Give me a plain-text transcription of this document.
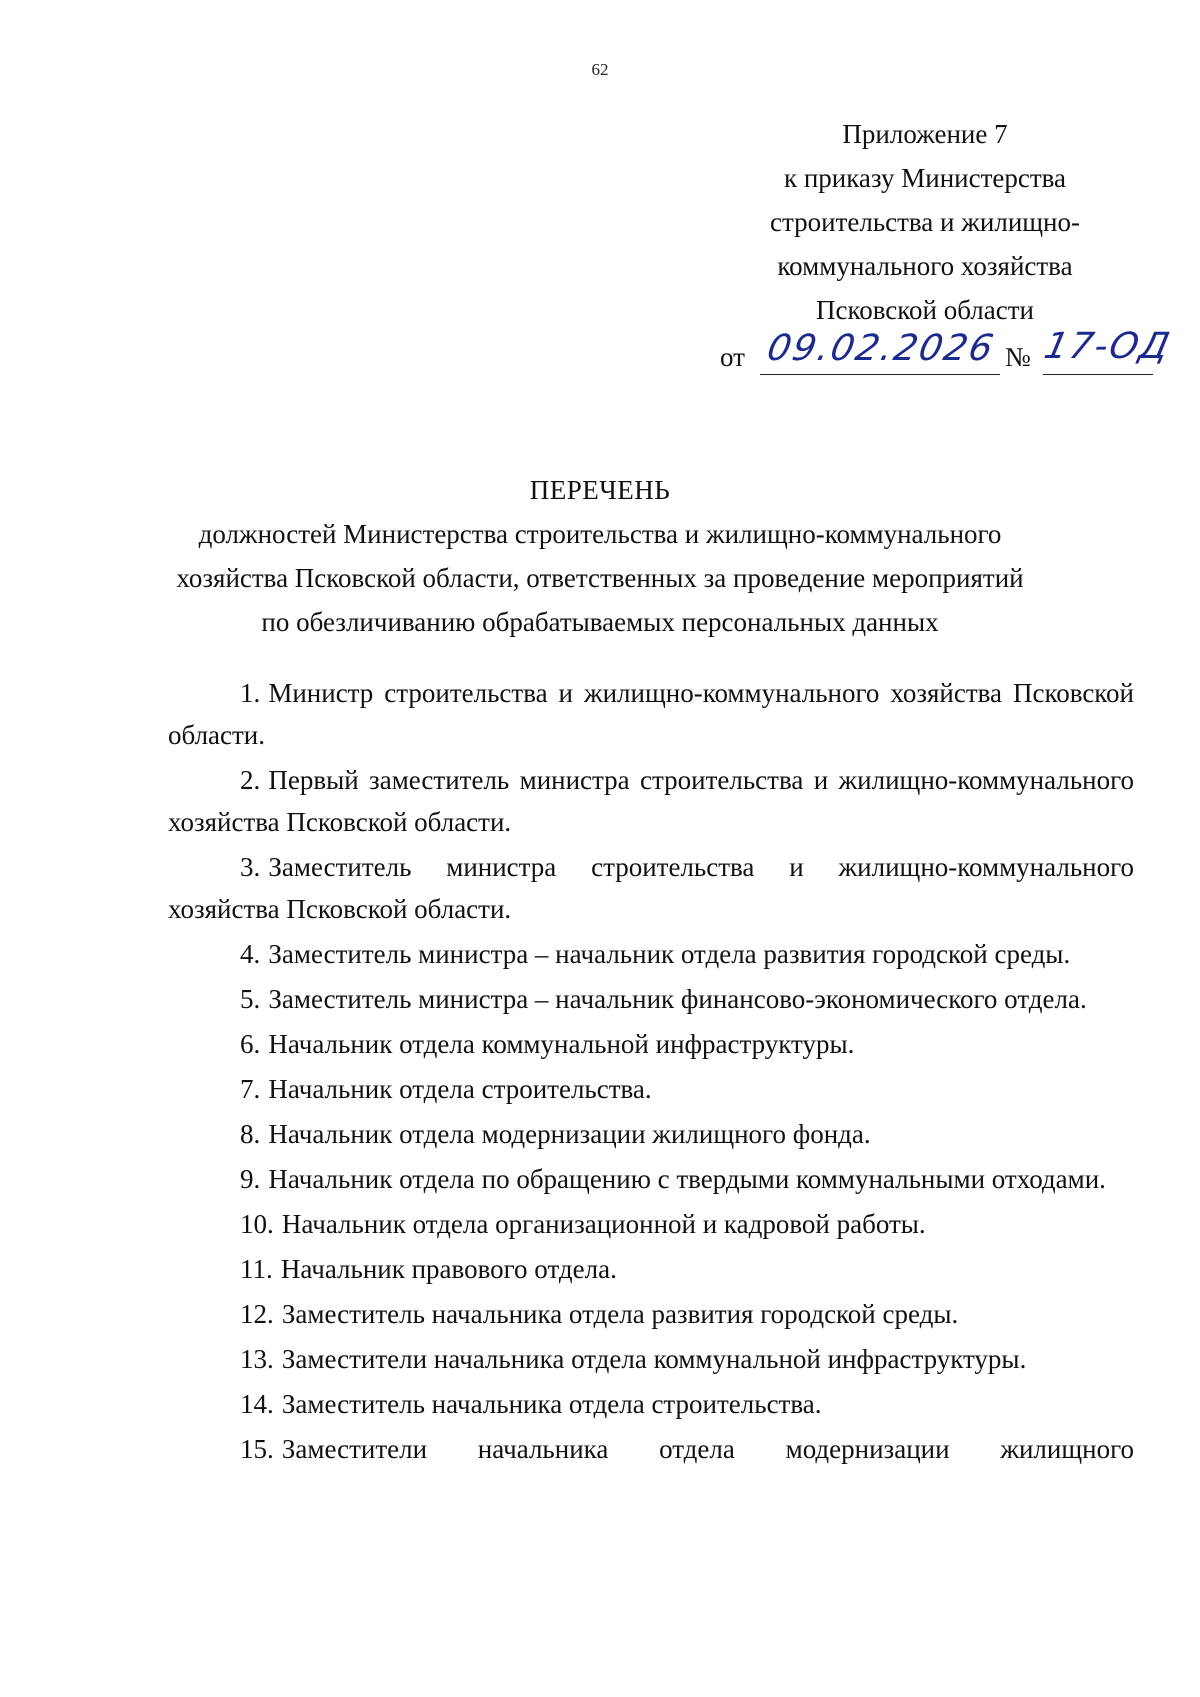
62
Приложение 7
к приказу Министерства
строительства и жилищно-
коммунального хозяйства
Псковской области
от 09.02.2026 № 17-ОД
ПЕРЕЧЕНЬ
должностей Министерства строительства и жилищно-коммунального
хозяйства Псковской области, ответственных за проведение мероприятий
по обезличиванию обрабатываемых персональных данных

1. Министр строительства и жилищно-коммунального хозяйства Псковской области.

2. Первый заместитель министра строительства и жилищно-коммунального хозяйства Псковской области.

3. Заместитель министра строительства и жилищно-коммунального хозяйства Псковской области.

4. Заместитель министра – начальник отдела развития городской среды.

5. Заместитель министра – начальник финансово-экономического отдела.

6. Начальник отдела коммунальной инфраструктуры.

7. Начальник отдела строительства.

8. Начальник отдела модернизации жилищного фонда.

9. Начальник отдела по обращению с твердыми коммунальными отходами.

10. Начальник отдела организационной и кадровой работы.

11. Начальник правового отдела.

12. Заместитель начальника отдела развития городской среды.

13. Заместители начальника отдела коммунальной инфраструктуры.

14. Заместитель начальника отдела строительства.

15. Заместители начальника отдела модернизации жилищного
